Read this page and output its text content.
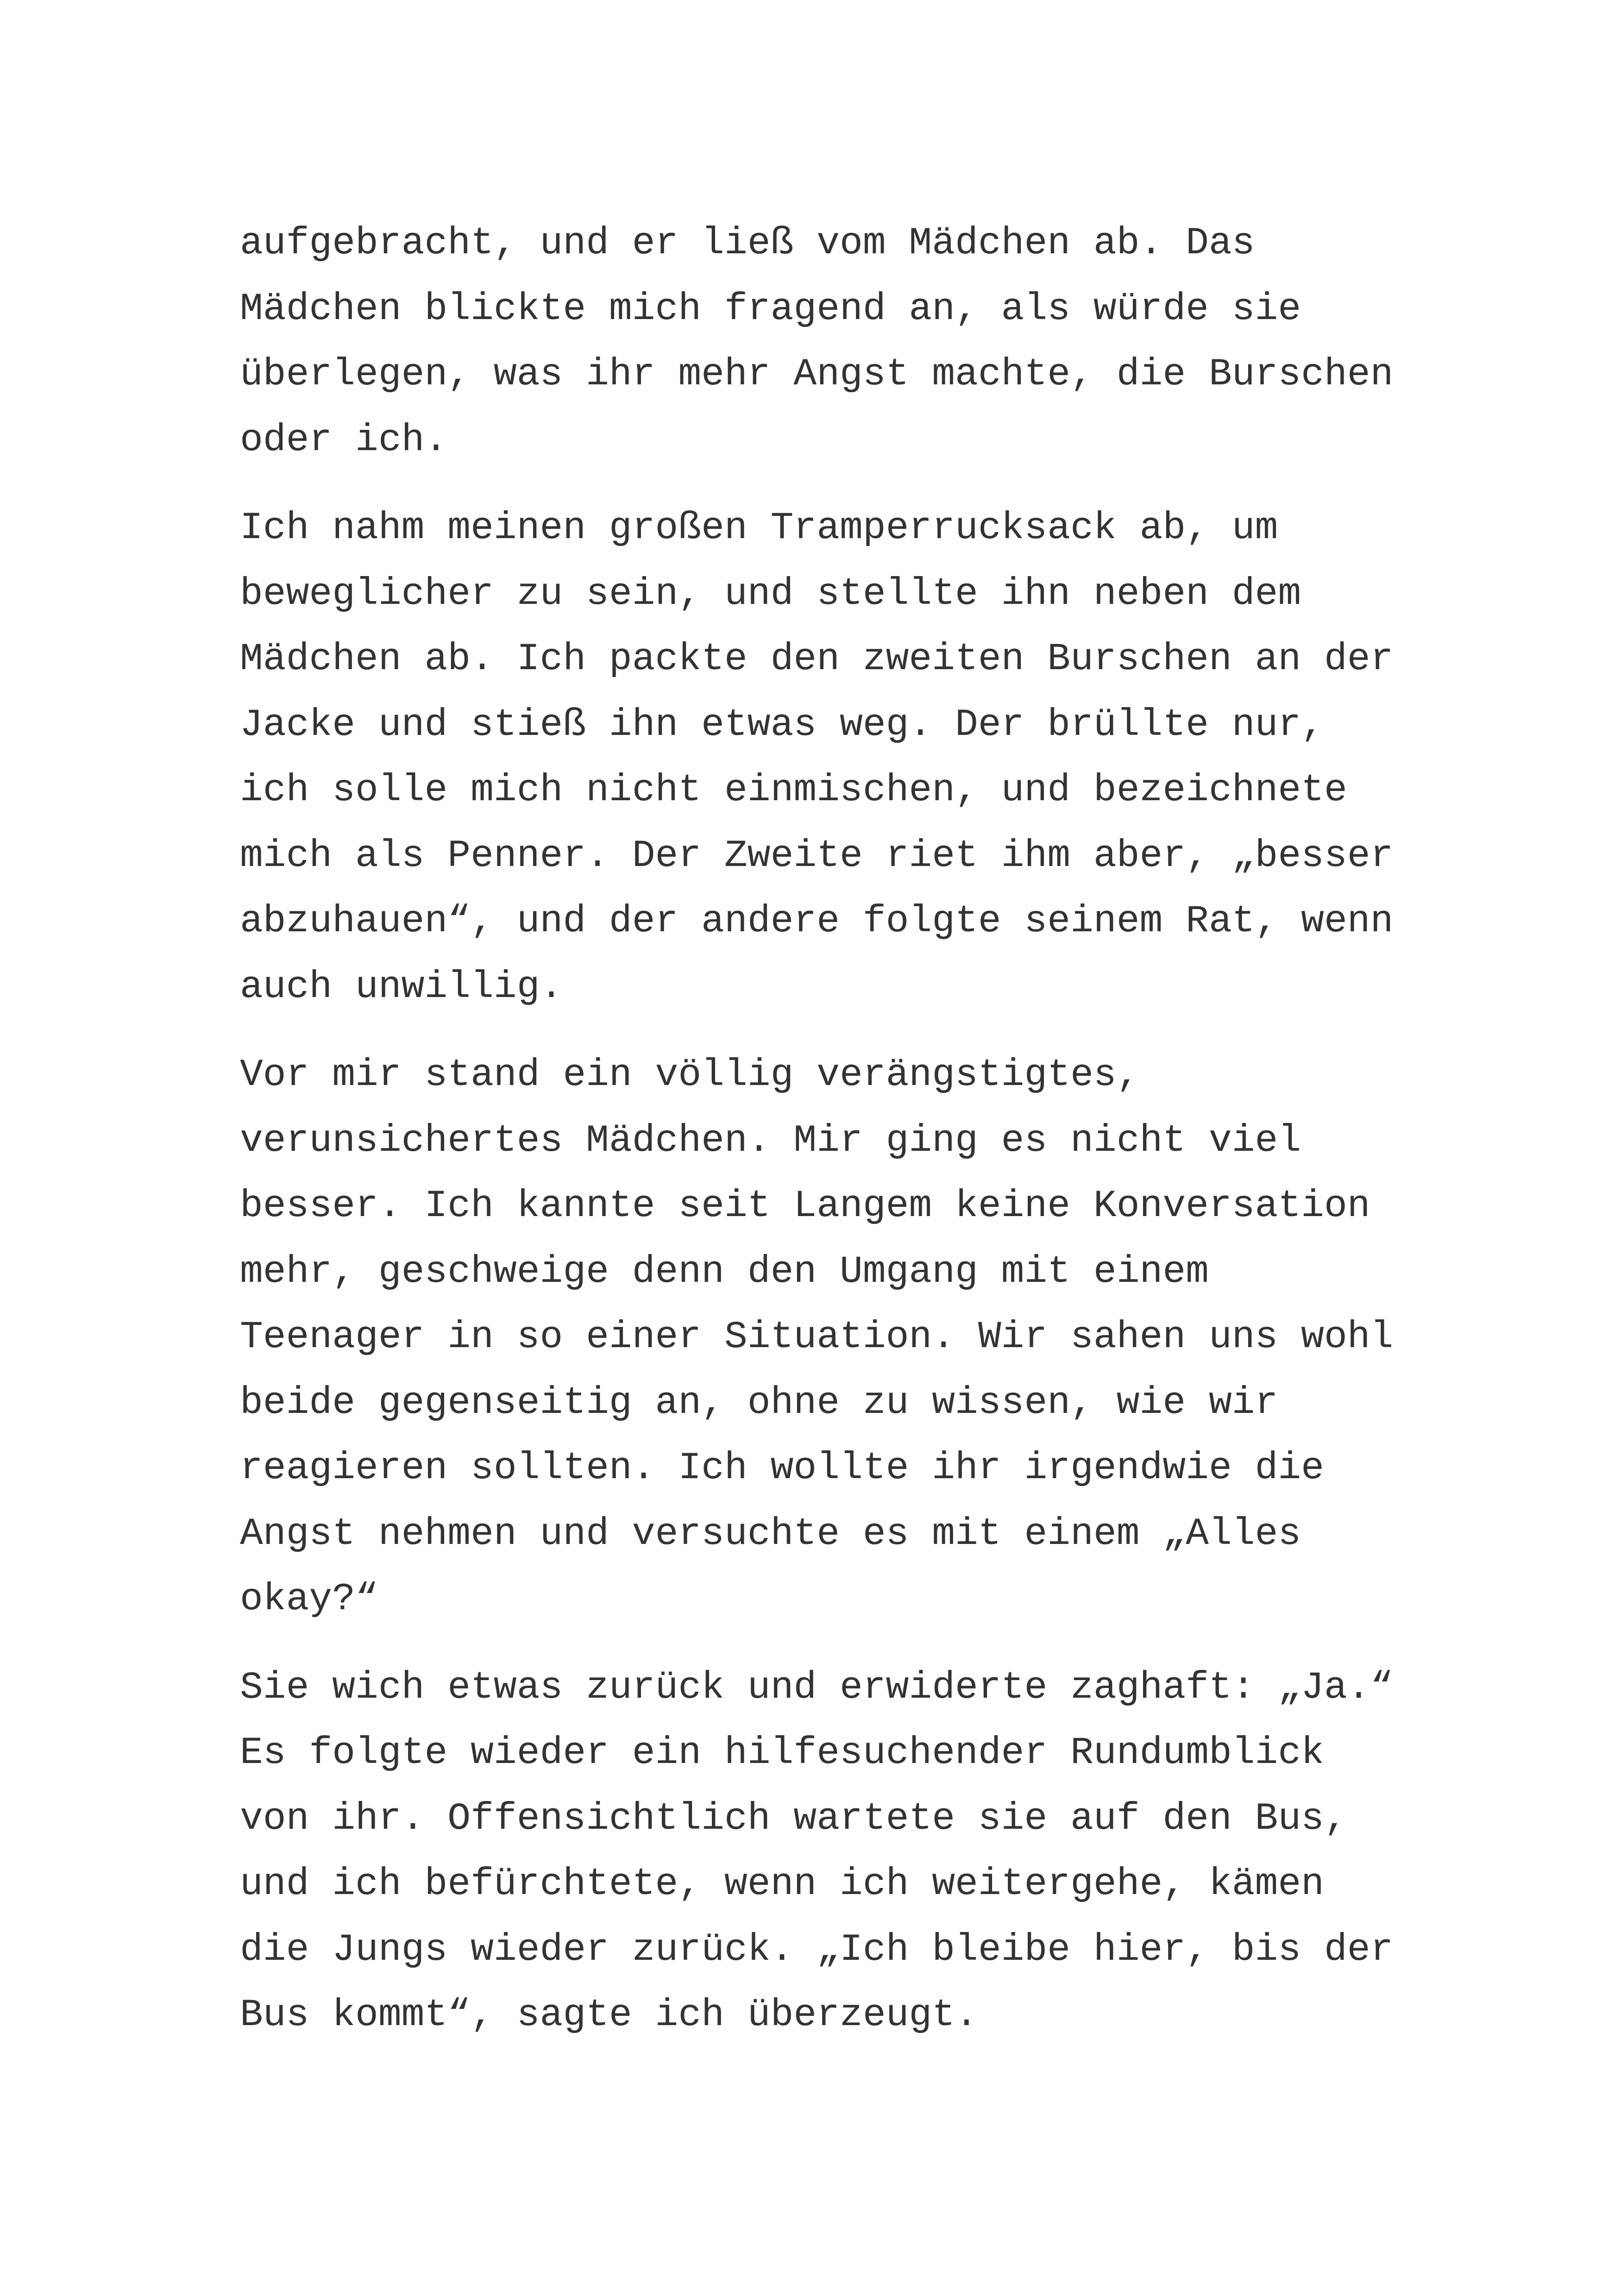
aufgebracht, und er ließ vom Mädchen ab. Das
Mädchen blickte mich fragend an, als würde sie
überlegen, was ihr mehr Angst machte, die Burschen
oder ich.

Ich nahm meinen großen Tramperrucksack ab, um
beweglicher zu sein, und stellte ihn neben dem
Mädchen ab. Ich packte den zweiten Burschen an der
Jacke und stieß ihn etwas weg. Der brüllte nur,
ich solle mich nicht einmischen, und bezeichnete
mich als Penner. Der Zweite riet ihm aber, „besser
abzuhauen“, und der andere folgte seinem Rat, wenn
auch unwillig.

Vor mir stand ein völlig verängstigtes,
verunsichertes Mädchen. Mir ging es nicht viel
besser. Ich kannte seit Langem keine Konversation
mehr, geschweige denn den Umgang mit einem
Teenager in so einer Situation. Wir sahen uns wohl
beide gegenseitig an, ohne zu wissen, wie wir
reagieren sollten. Ich wollte ihr irgendwie die
Angst nehmen und versuchte es mit einem „Alles
okay?“

Sie wich etwas zurück und erwiderte zaghaft: „Ja.“
Es folgte wieder ein hilfesuchender Rundumblick
von ihr. Offensichtlich wartete sie auf den Bus,
und ich befürchtete, wenn ich weitergehe, kämen
die Jungs wieder zurück. „Ich bleibe hier, bis der
Bus kommt“, sagte ich überzeugt.
